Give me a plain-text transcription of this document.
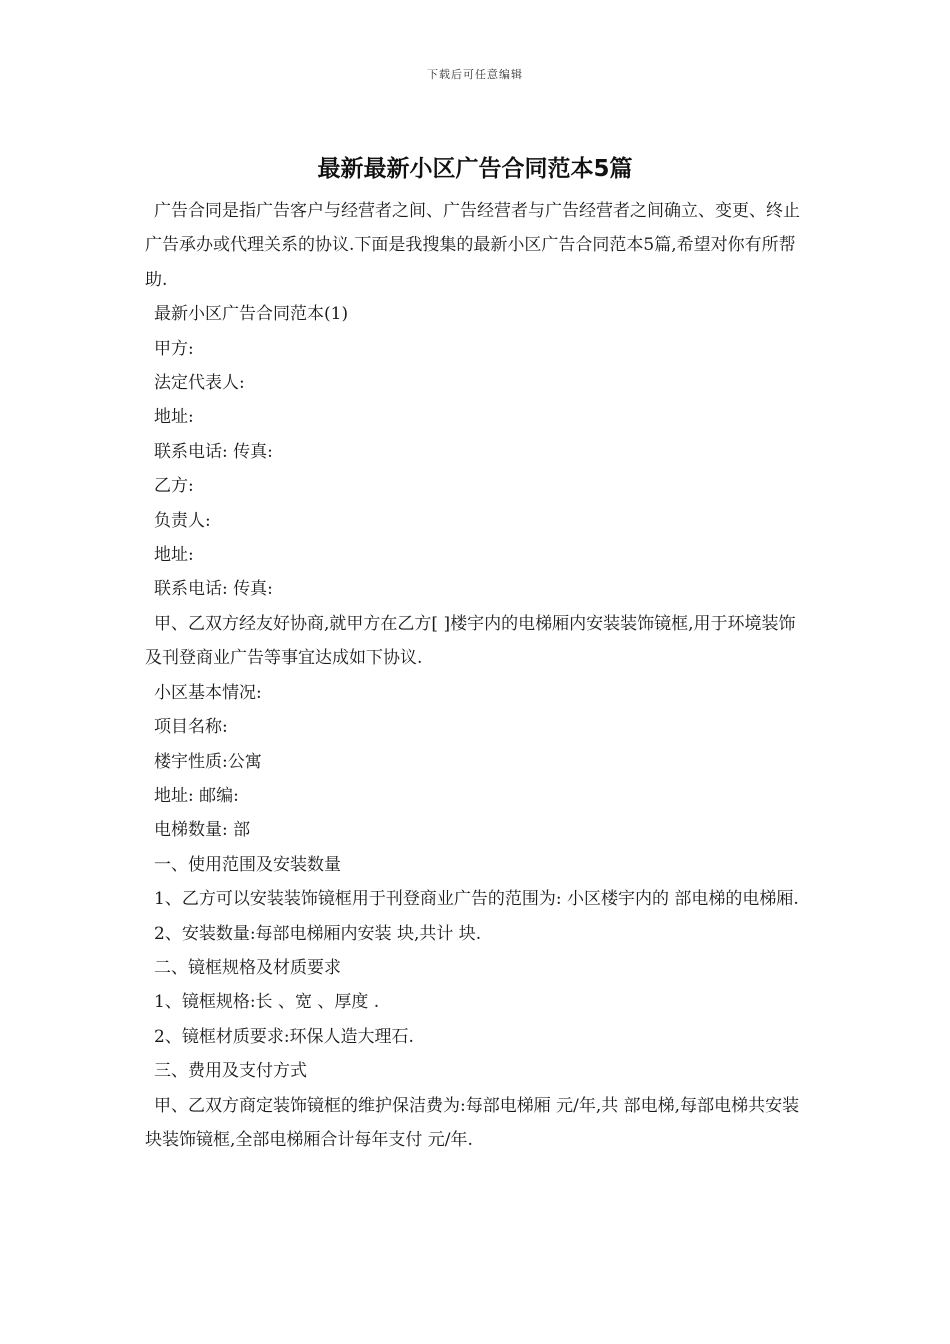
下载后可任意编辑
最新最新小区广告合同范本5篇

广告合同是指广告客户与经营者之间、广告经营者与广告经营者之间确立、变更、终止广告承办或代理关系的协议.下面是我搜集的最新小区广告合同范本5篇,希望对你有所帮助.

最新小区广告合同范本(1)

甲方:

法定代表人:

地址:

联系电话: 传真:

乙方:

负责人:

地址:

联系电话: 传真:

甲、乙双方经友好协商,就甲方在乙方[ ]楼宇内的电梯厢内安装装饰镜框,用于环境装饰及刊登商业广告等事宜达成如下协议.

小区基本情况:

项目名称:

楼宇性质:公寓

地址: 邮编:

电梯数量: 部

一、使用范围及安装数量

1、乙方可以安装装饰镜框用于刊登商业广告的范围为: 小区楼宇内的 部电梯的电梯厢.

2、安装数量:每部电梯厢内安装 块,共计 块.

二、镜框规格及材质要求

1、镜框规格:长 、宽 、厚度 .

2、镜框材质要求:环保人造大理石.

三、费用及支付方式

甲、乙双方商定装饰镜框的维护保洁费为:每部电梯厢 元/年,共 部电梯,每部电梯共安装 块装饰镜框,全部电梯厢合计每年支付 元/年.
